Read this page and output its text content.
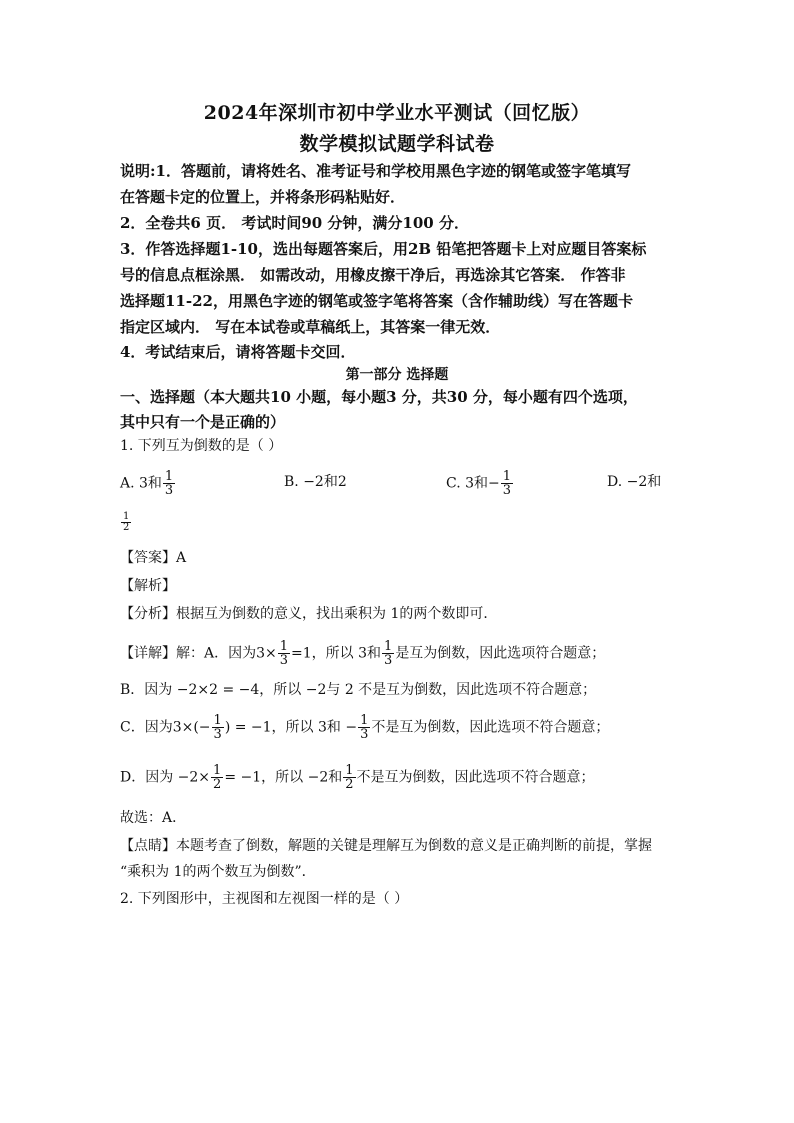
2024年深圳市初中学业水平测试（回忆版）
数学模拟试题学科试卷
说明:1．答题前，请将姓名、准考证号和学校用黑色字迹的钢笔或签字笔填写
在答题卡定的位置上，并将条形码粘贴好．
2．全卷共6 页． 考试时间90 分钟，满分100 分．
3．作答选择题1-10，选出每题答案后，用2B 铅笔把答题卡上对应题目答案标
号的信息点框涂黑． 如需改动，用橡皮擦干净后，再选涂其它答案． 作答非
选择题11-22，用黑色字迹的钢笔或签字笔将答案（含作辅助线）写在答题卡
指定区域内． 写在本试卷或草稿纸上，其答案一律无效．
4．考试结束后，请将答题卡交回．
第一部分 选择题
一、选择题（本大题共10 小题，每小题3 分，共30 分，每小题有四个选项，
其中只有一个是正确的）
1. 下列互为倒数的是（ ）
A. 3和 $\frac{1}{3}$	B. −2和2	C. 3和− $\frac{1}{3}$	D. −2和
$\frac{1}{2}$
【答案】A
【解析】
【分析】根据互为倒数的意义，找出乘积为 1的两个数即可．
【详解】解：A．因为$3\times \frac{1}{3} =1$，所以 3和 $\frac{1}{3}$ 是互为倒数，因此选项符合题意；
B．因为 −2×2 = −4，所以 −2与 2 不是互为倒数，因此选项不符合题意；
C．因为$3\times(- \frac{1}{3}$ ) = −1，所以 3和 − $\frac{1}{3}$ 不是互为倒数，因此选项不符合题意；
D．因为 $-2\times \frac{1}{2} = -1$，所以 −2和 $\frac{1}{2}$ 不是互为倒数，因此选项不符合题意；
故选：A．
【点睛】本题考查了倒数，解题的关键是理解互为倒数的意义是正确判断的前提，掌握
“乘积为 1的两个数互为倒数”．
2. 下列图形中，主视图和左视图一样的是（ ）
